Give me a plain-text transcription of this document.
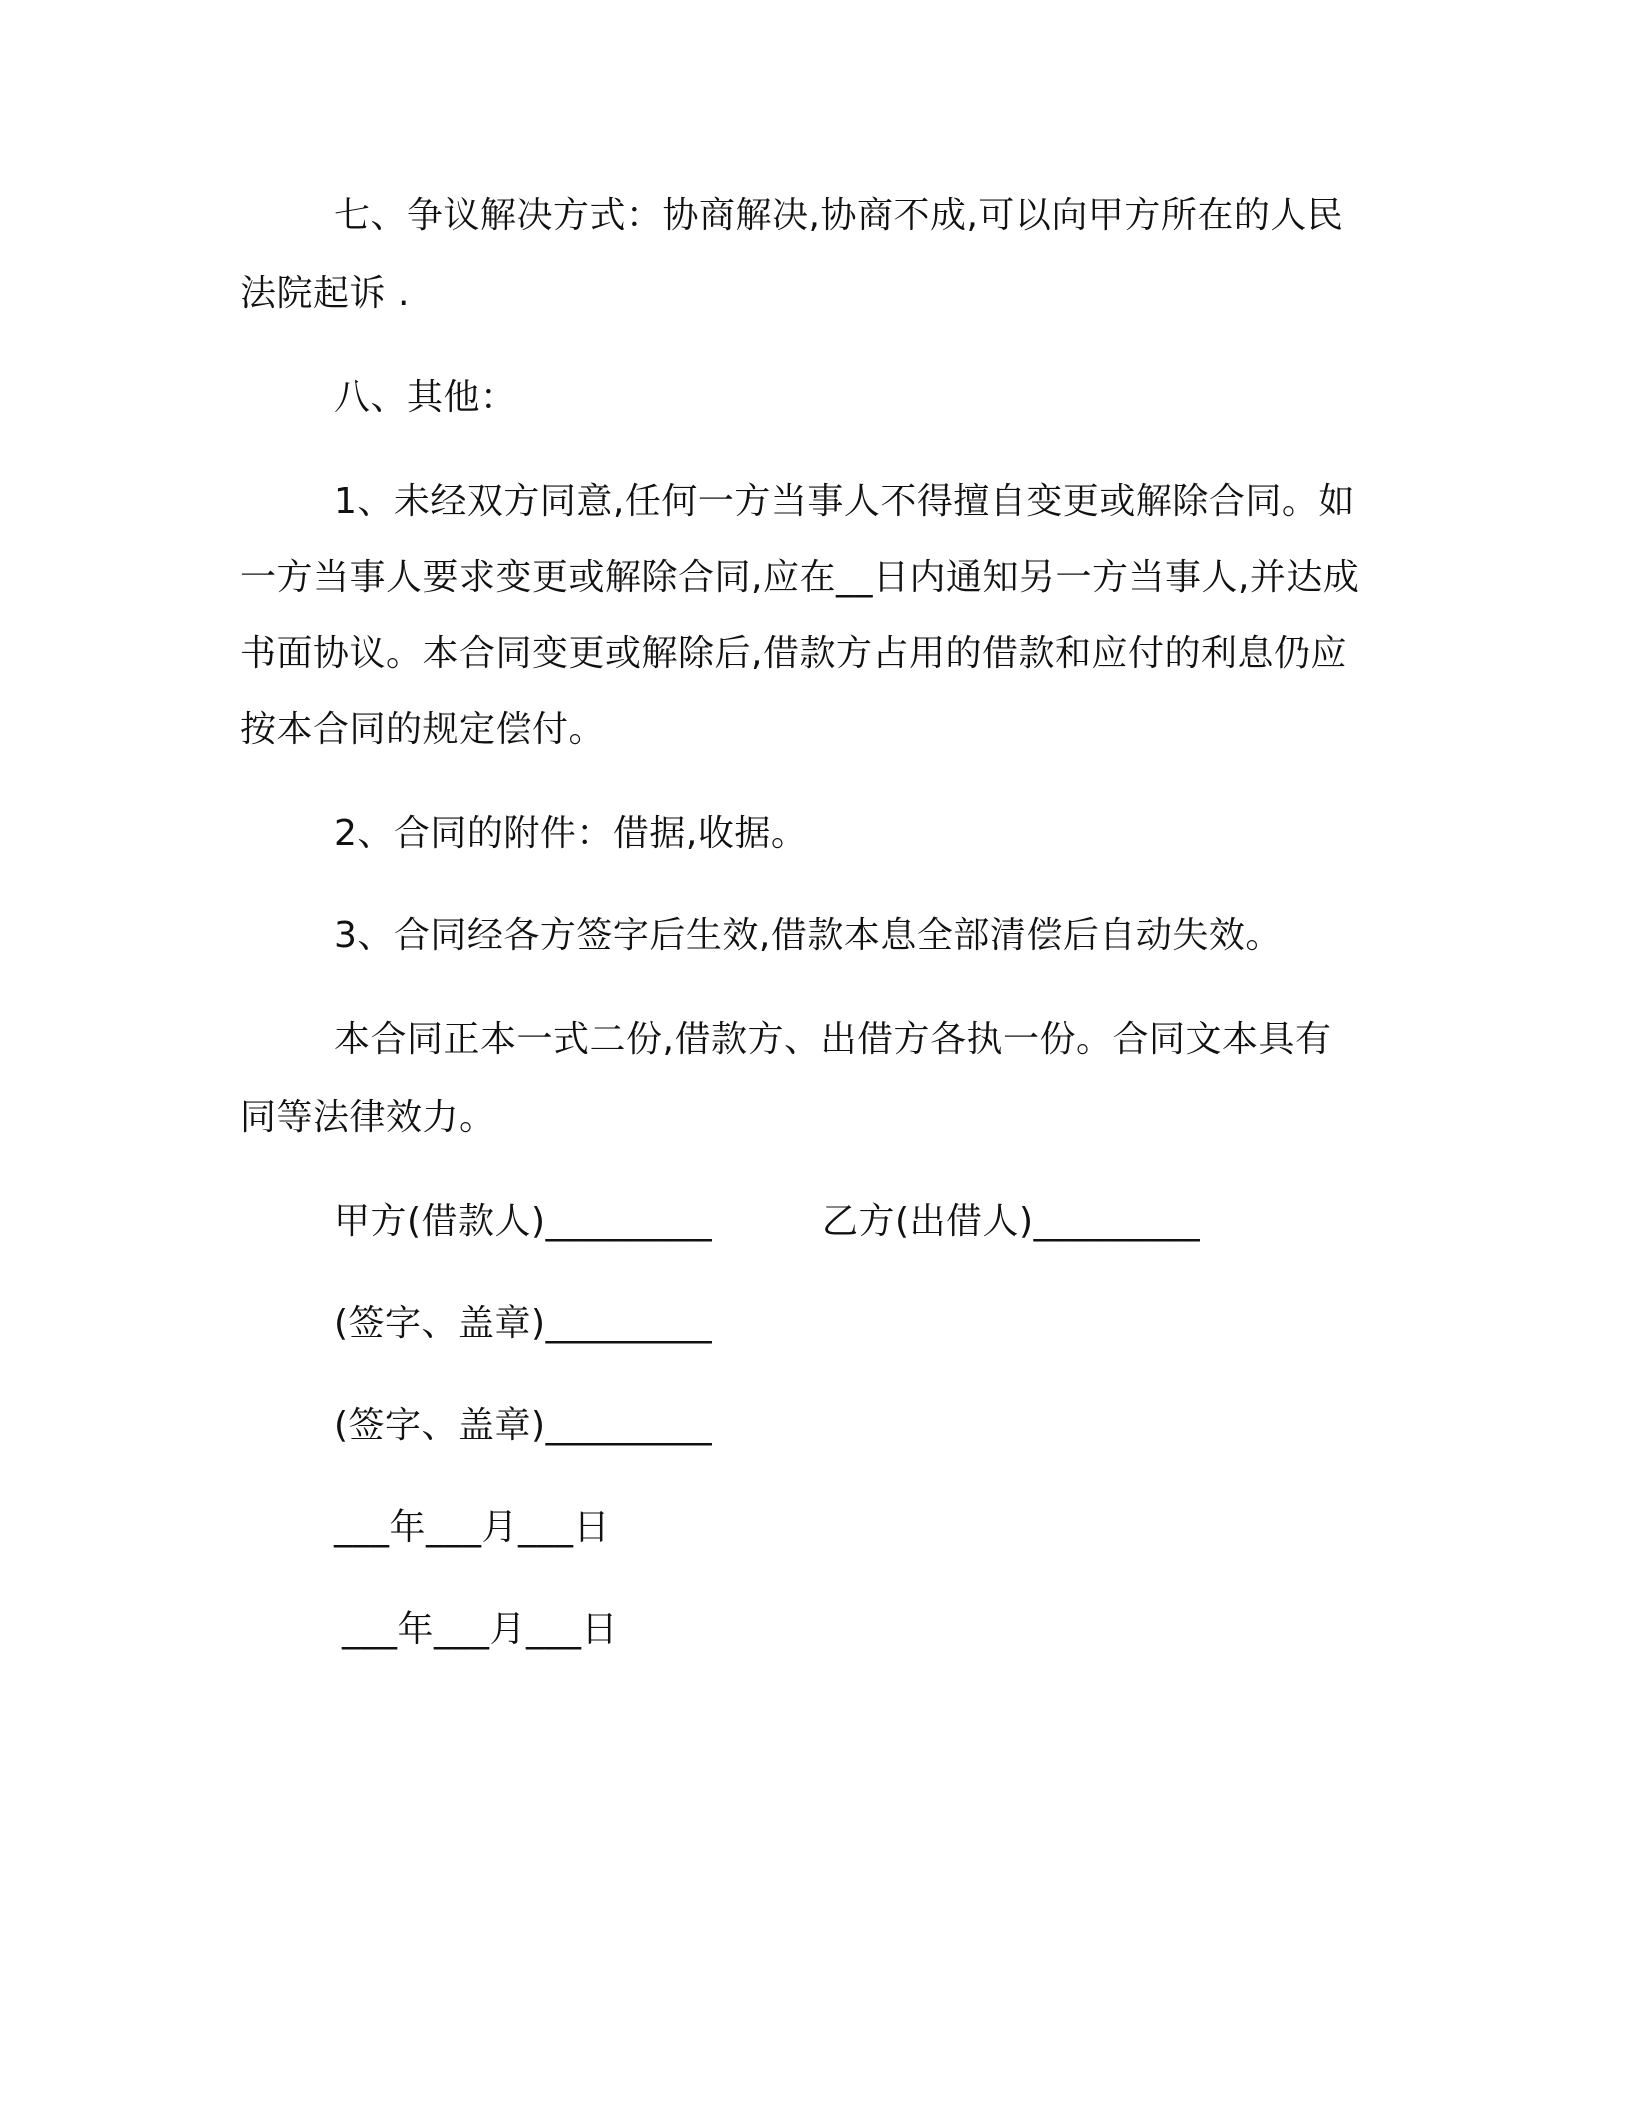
七、争议解决方式：协商解决,协商不成,可以向甲方所在的人民
法院起诉 .
八、其他：
1、未经双方同意,任何一方当事人不得擅自变更或解除合同。如
一方当事人要求变更或解除合同,应在__日内通知另一方当事人,并达成
书面协议。本合同变更或解除后,借款方占用的借款和应付的利息仍应
按本合同的规定偿付。
2、合同的附件：借据,收据。
3、合同经各方签字后生效,借款本息全部清偿后自动失效。
本合同正本一式二份,借款方、出借方各执一份。合同文本具有
同等法律效力。
甲方(借款人)_________	乙方(出借人)_________
(签字、盖章)_________
(签字、盖章)_________
___年___月___日
___年___月___日
